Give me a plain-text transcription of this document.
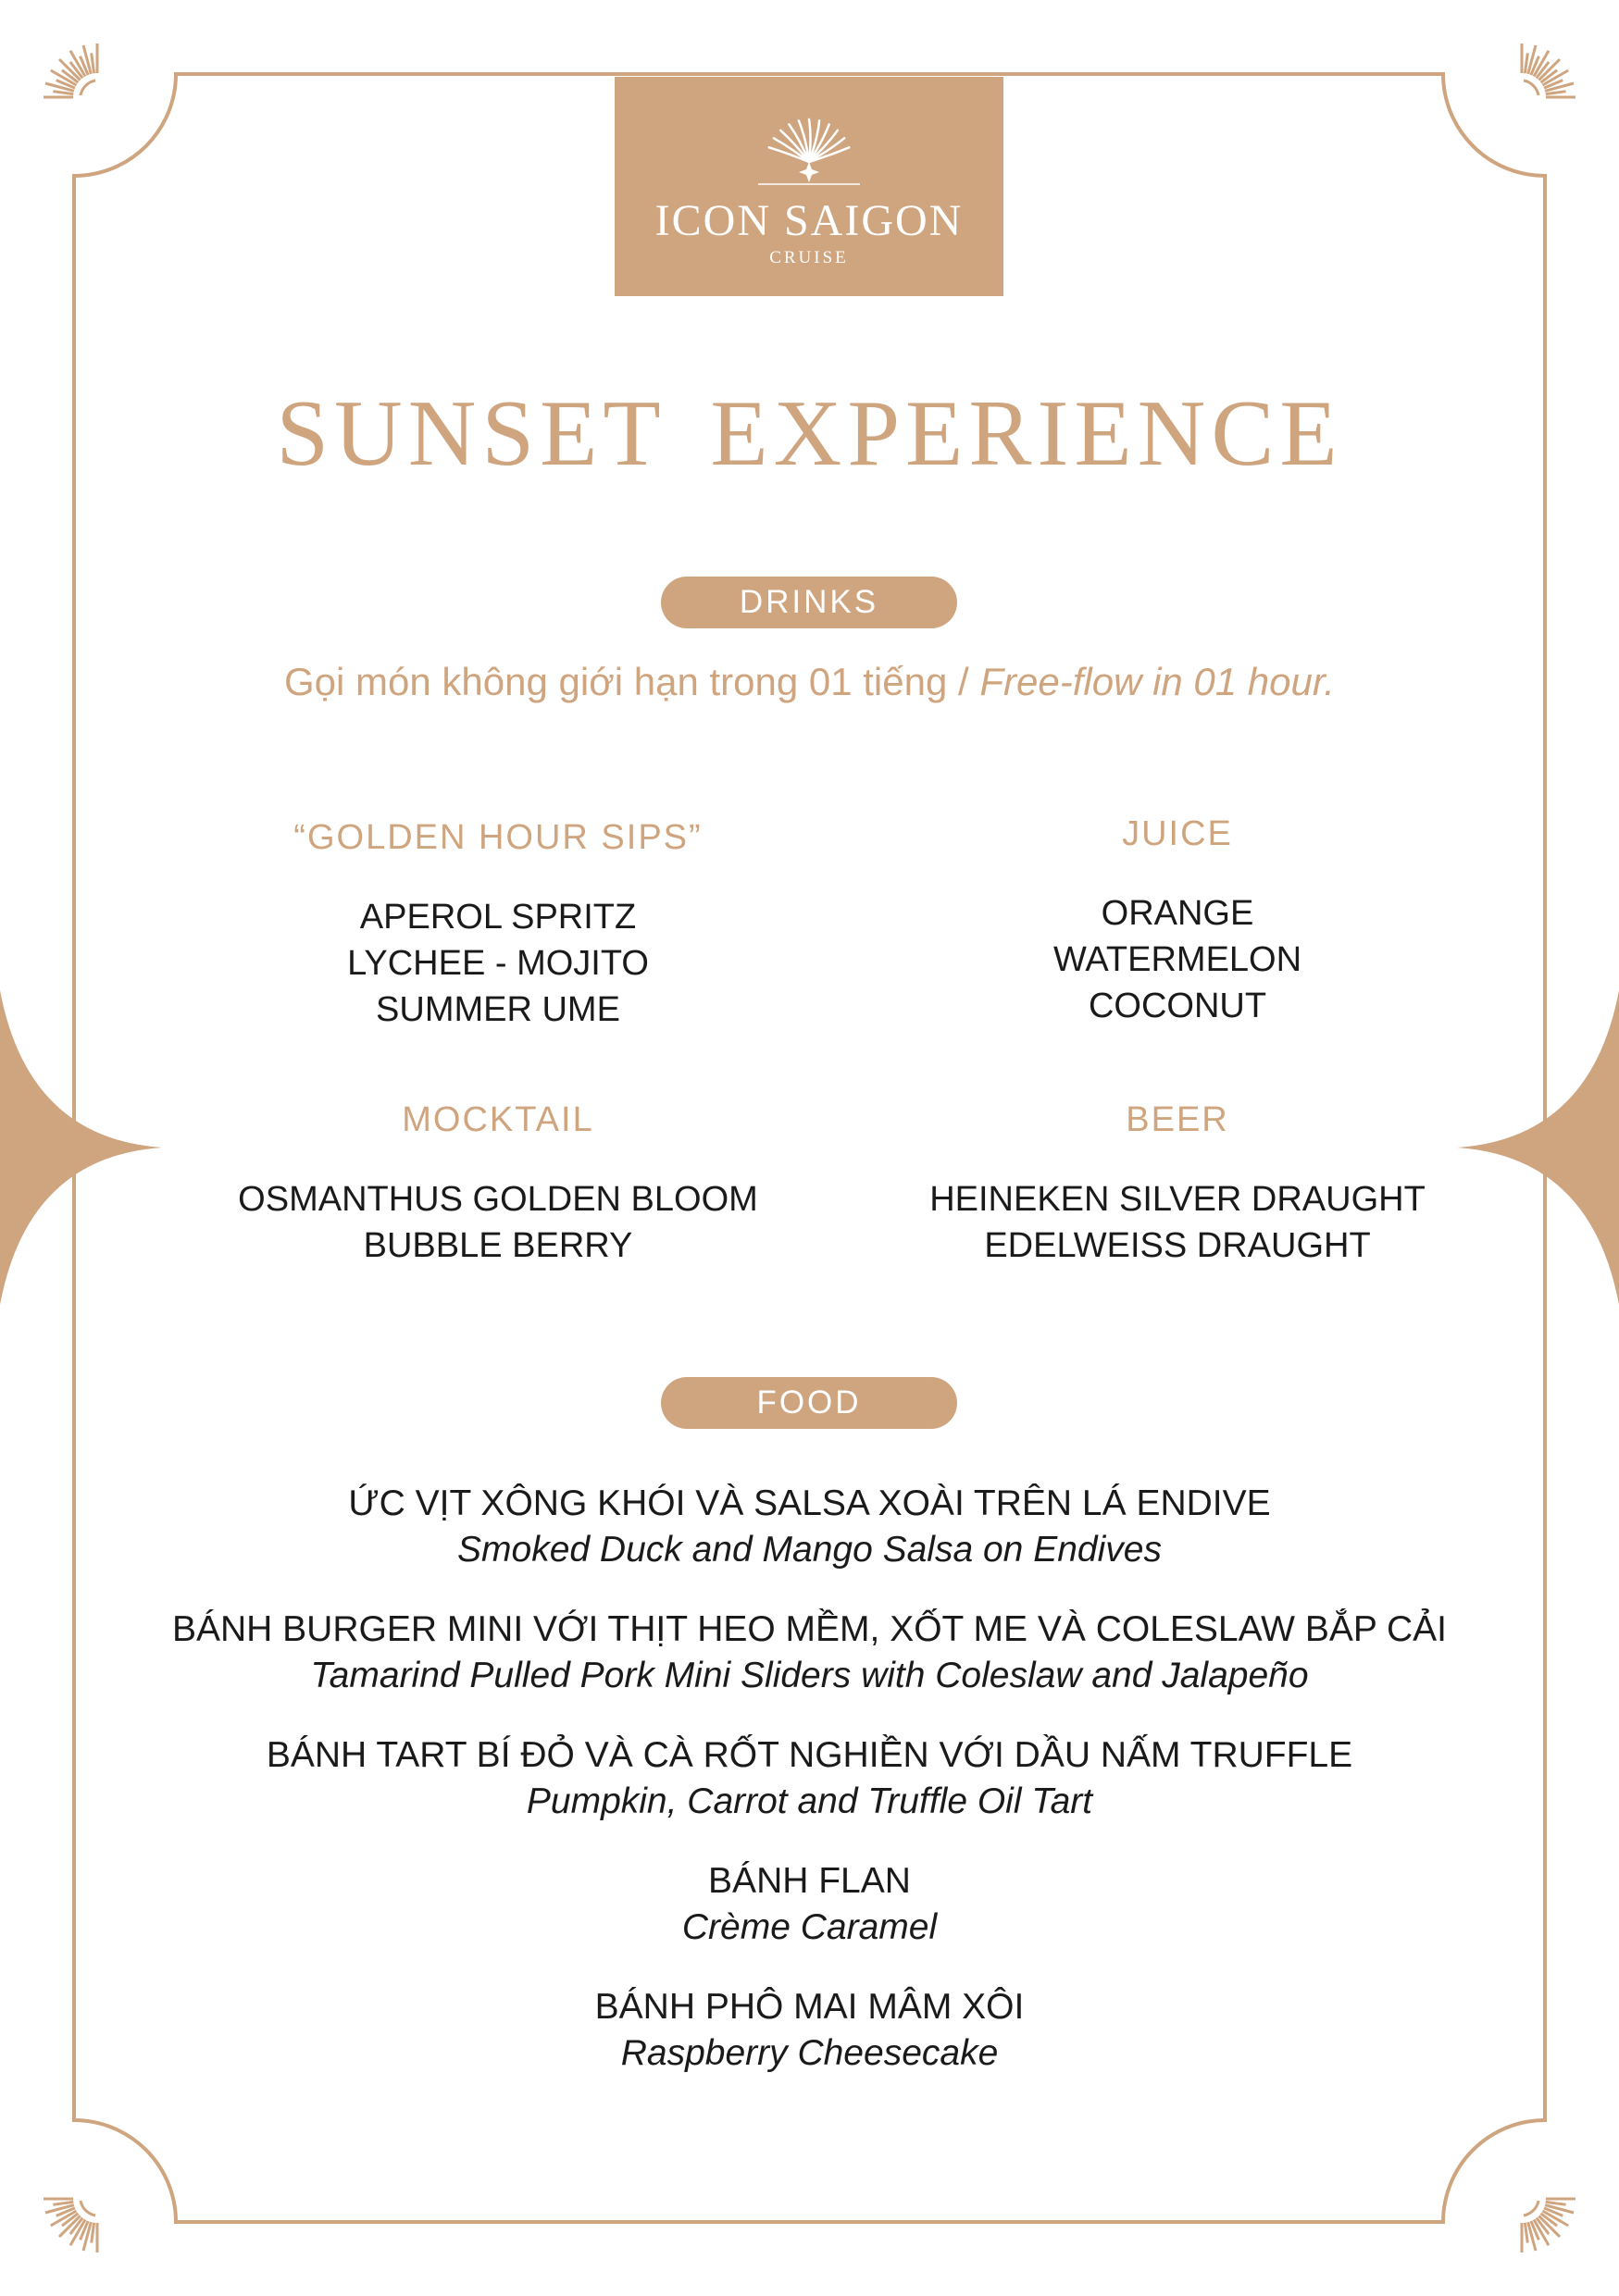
ICON SAIGON
CRUISE
SUNSET EXPERIENCE
DRINKS
Gọi món không giới hạn trong 01 tiếng / Free-flow in 01 hour.
“GOLDEN HOUR SIPS”
APEROL SPRITZ
LYCHEE - MOJITO
SUMMER UME
JUICE
ORANGE
WATERMELON
COCONUT
MOCKTAIL
OSMANTHUS GOLDEN BLOOM
BUBBLE BERRY
BEER
HEINEKEN SILVER DRAUGHT
EDELWEISS DRAUGHT
FOOD
ỨC VỊT XÔNG KHÓI VÀ SALSA XOÀI TRÊN LÁ ENDIVE
Smoked Duck and Mango Salsa on Endives
BÁNH BURGER MINI VỚI THỊT HEO MỀM, XỐT ME VÀ COLESLAW BẮP CẢI
Tamarind Pulled Pork Mini Sliders with Coleslaw and Jalapeño
BÁNH TART BÍ ĐỎ VÀ CÀ RỐT NGHIỀN VỚI DẦU NẤM TRUFFLE
Pumpkin, Carrot and Truffle Oil Tart
BÁNH FLAN
Crème Caramel
BÁNH PHÔ MAI MÂM XÔI
Raspberry Cheesecake
